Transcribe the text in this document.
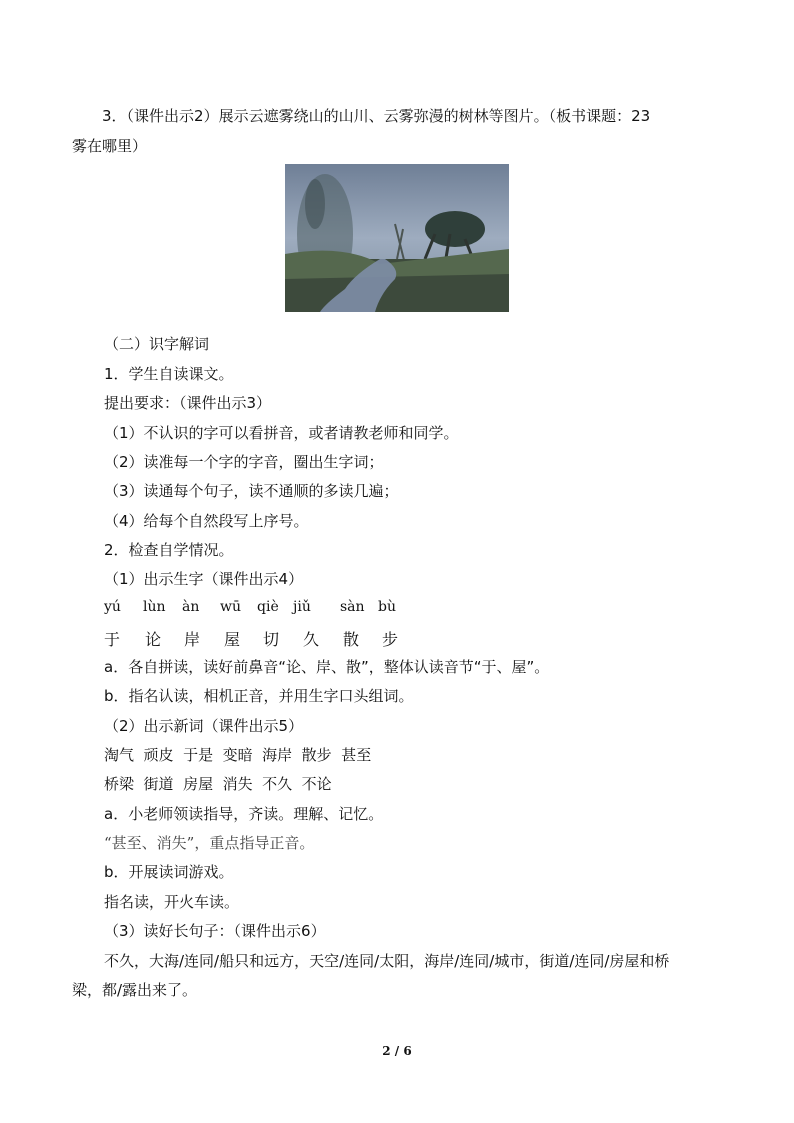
3．（课件出示2）展示云遮雾绕山的山川、云雾弥漫的树林等图片。（板书课题：23
雾在哪里）
（二）识字解词
1．学生自读课文。
提出要求：（课件出示3）
（1）不认识的字可以看拼音，或者请教老师和同学。
（2）读准每一个字的字音，圈出生字词；
（3）读通每个句子，读不通顺的多读几遍；
（4）给每个自然段写上序号。
2．检查自学情况。
（1）出示生字（课件出示4）
yú lùn àn wū qiè jiǔ sàn bù
于 论 岸 屋 切 久 散 步
a．各自拼读，读好前鼻音“论、岸、散”，整体认读音节“于、屋”。
b．指名认读，相机正音，并用生字口头组词。
（2）出示新词（课件出示5）
淘气  顽皮  于是  变暗  海岸  散步  甚至
桥梁  街道  房屋  消失  不久  不论
a．小老师领读指导，齐读。理解、记忆。
“甚至、消失”，重点指导正音。
b．开展读词游戏。
指名读，开火车读。
（3）读好长句子：（课件出示6）
不久，大海/连同/船只和远方，天空/连同/太阳，海岸/连同/城市，街道/连同/房屋和桥
梁，都/露出来了。
2 / 6
